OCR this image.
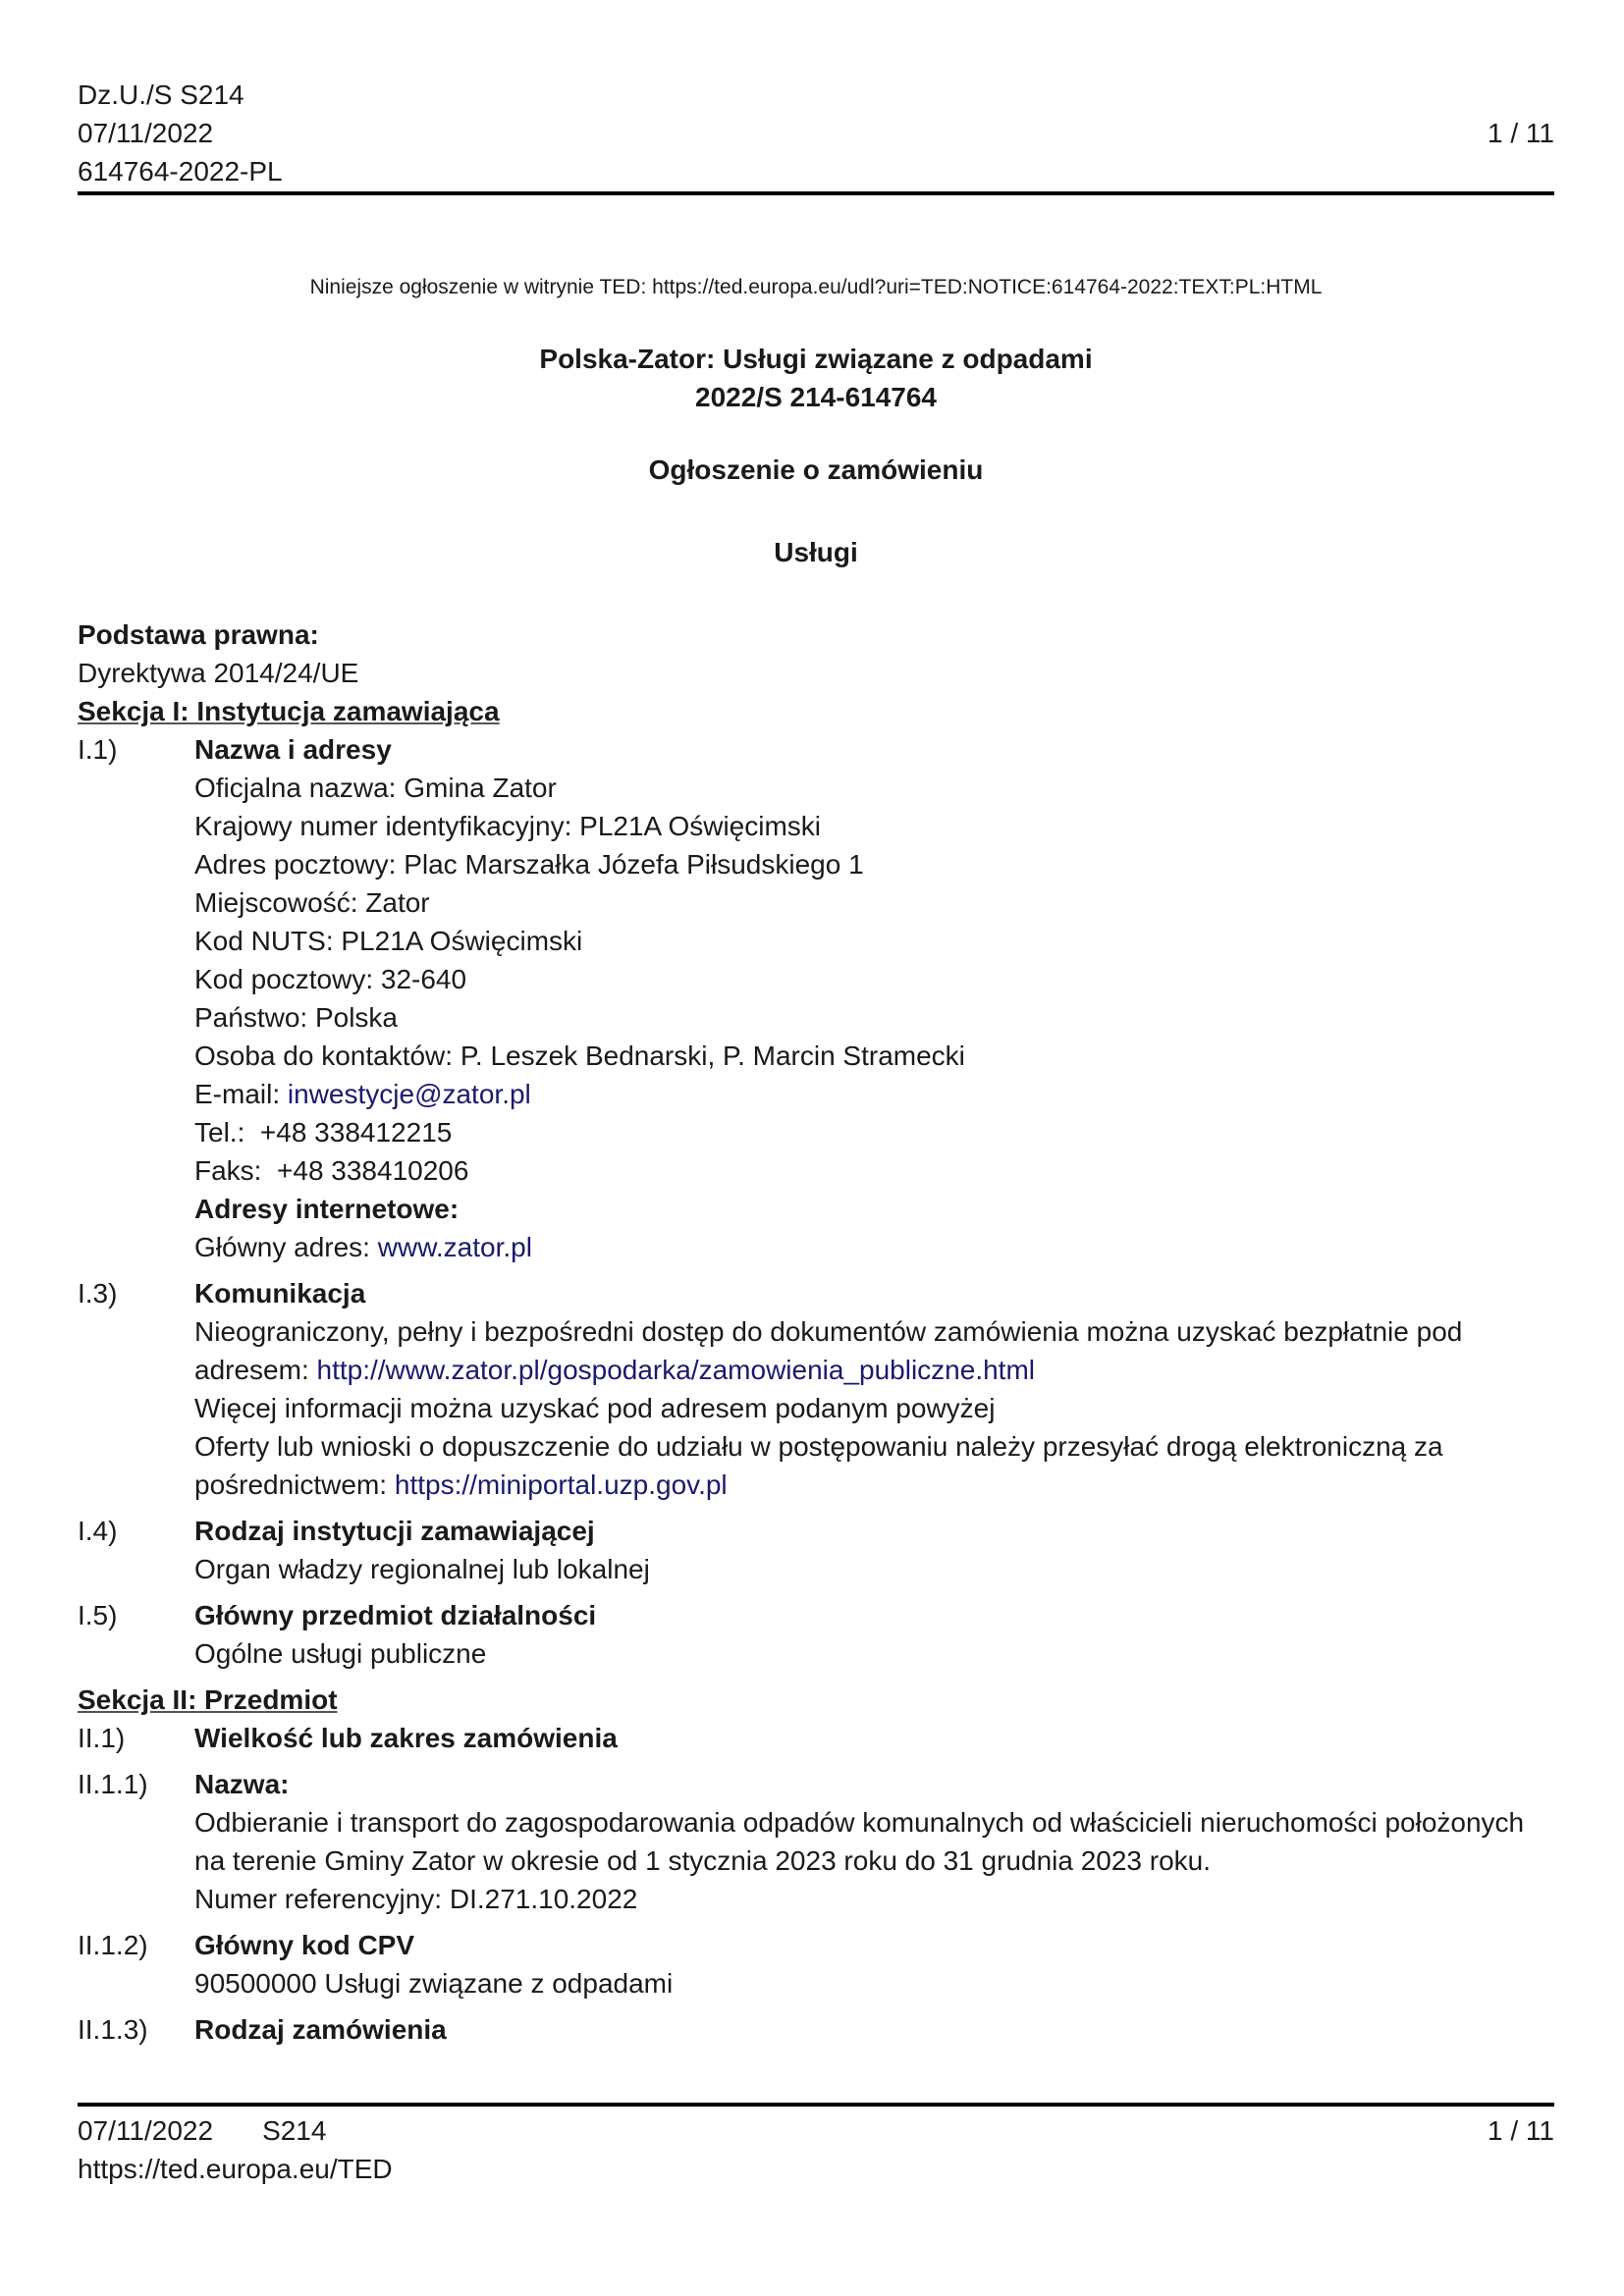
Dz.U./S S214
07/11/2022
614764-2022-PL
1 / 11
Niniejsze ogłoszenie w witrynie TED: https://ted.europa.eu/udl?uri=TED:NOTICE:614764-2022:TEXT:PL:HTML
Polska-Zator: Usługi związane z odpadami
2022/S 214-614764
Ogłoszenie o zamówieniu
Usługi
Podstawa prawna:
Dyrektywa 2014/24/UE
Sekcja I: Instytucja zamawiająca
I.1)	Nazwa i adresy
Oficjalna nazwa: Gmina Zator
Krajowy numer identyfikacyjny: PL21A Oświęcimski
Adres pocztowy: Plac Marszałka Józefa Piłsudskiego 1
Miejscowość: Zator
Kod NUTS: PL21A Oświęcimski
Kod pocztowy: 32-640
Państwo: Polska
Osoba do kontaktów: P. Leszek Bednarski, P. Marcin Stramecki
E-mail: inwestycje@zator.pl
Tel.:  +48 338412215
Faks:  +48 338410206
Adresy internetowe:
Główny adres: www.zator.pl
I.3)	Komunikacja
Nieograniczony, pełny i bezpośredni dostęp do dokumentów zamówienia można uzyskać bezpłatnie pod adresem: http://www.zator.pl/gospodarka/zamowienia_publiczne.html
Więcej informacji można uzyskać pod adresem podanym powyżej
Oferty lub wnioski o dopuszczenie do udziału w postępowaniu należy przesyłać drogą elektroniczną za pośrednictwem: https://miniportal.uzp.gov.pl
I.4)	Rodzaj instytucji zamawiającej
Organ władzy regionalnej lub lokalnej
I.5)	Główny przedmiot działalności
Ogólne usługi publiczne
Sekcja II: Przedmiot
II.1)	Wielkość lub zakres zamówienia
II.1.1)	Nazwa:
Odbieranie i transport do zagospodarowania odpadów komunalnych od właścicieli nieruchomości położonych na terenie Gminy Zator w okresie od 1 stycznia 2023 roku do 31 grudnia 2023 roku.
Numer referencyjny: DI.271.10.2022
II.1.2)	Główny kod CPV
90500000 Usługi związane z odpadami
II.1.3)	Rodzaj zamówienia
07/11/2022 S214
https://ted.europa.eu/TED
1 / 11
